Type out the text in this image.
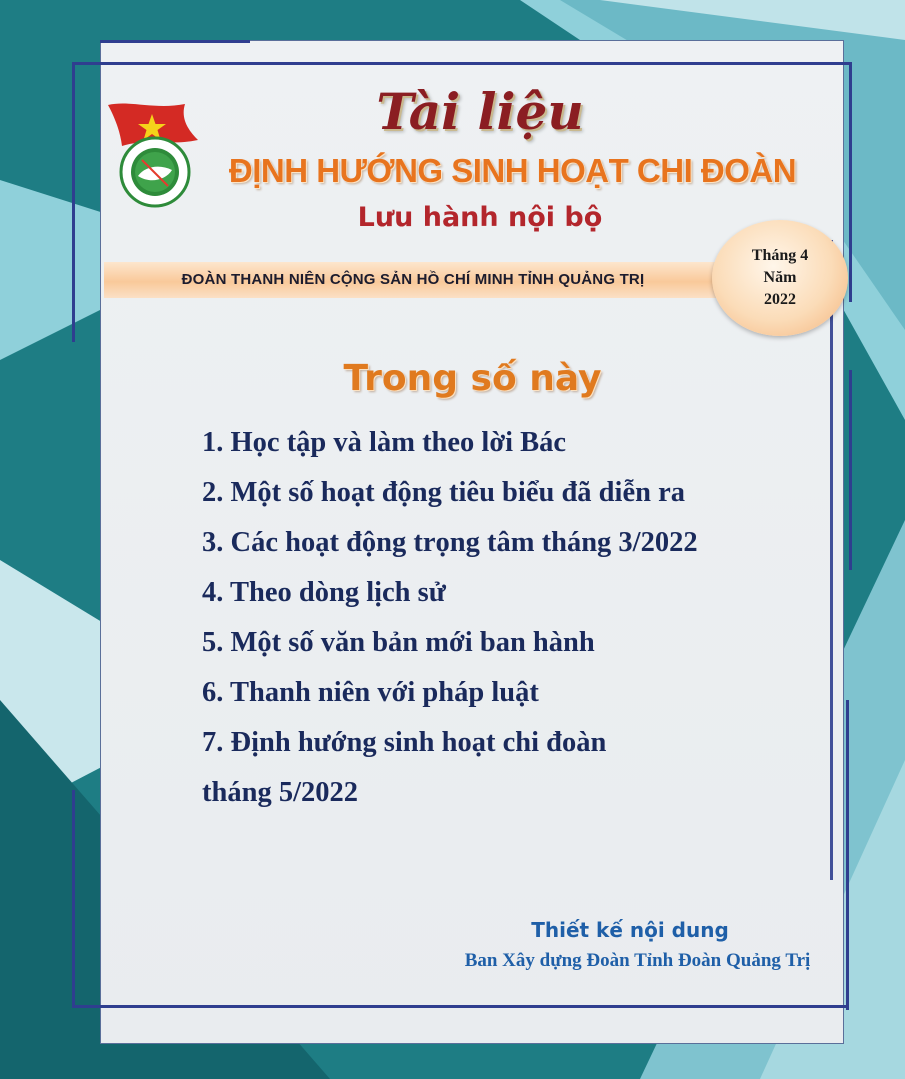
Tài liệu
ĐỊNH HƯỚNG SINH HOẠT CHI ĐOÀN
Lưu hành nội bộ
ĐOÀN THANH NIÊN CỘNG SẢN HỒ CHÍ MINH TỈNH QUẢNG TRỊ
Tháng 4
Năm
2022
Trong số này
1. Học tập và làm theo lời Bác
2. Một số hoạt động tiêu biểu đã diễn ra
3. Các hoạt động trọng tâm tháng 3/2022
4. Theo dòng lịch sử
5. Một số văn bản mới ban hành
6. Thanh niên với pháp luật
7. Định hướng sinh hoạt chi đoàn
tháng 5/2022
Thiết kế nội dung
Ban Xây dựng Đoàn Tỉnh Đoàn Quảng Trị
